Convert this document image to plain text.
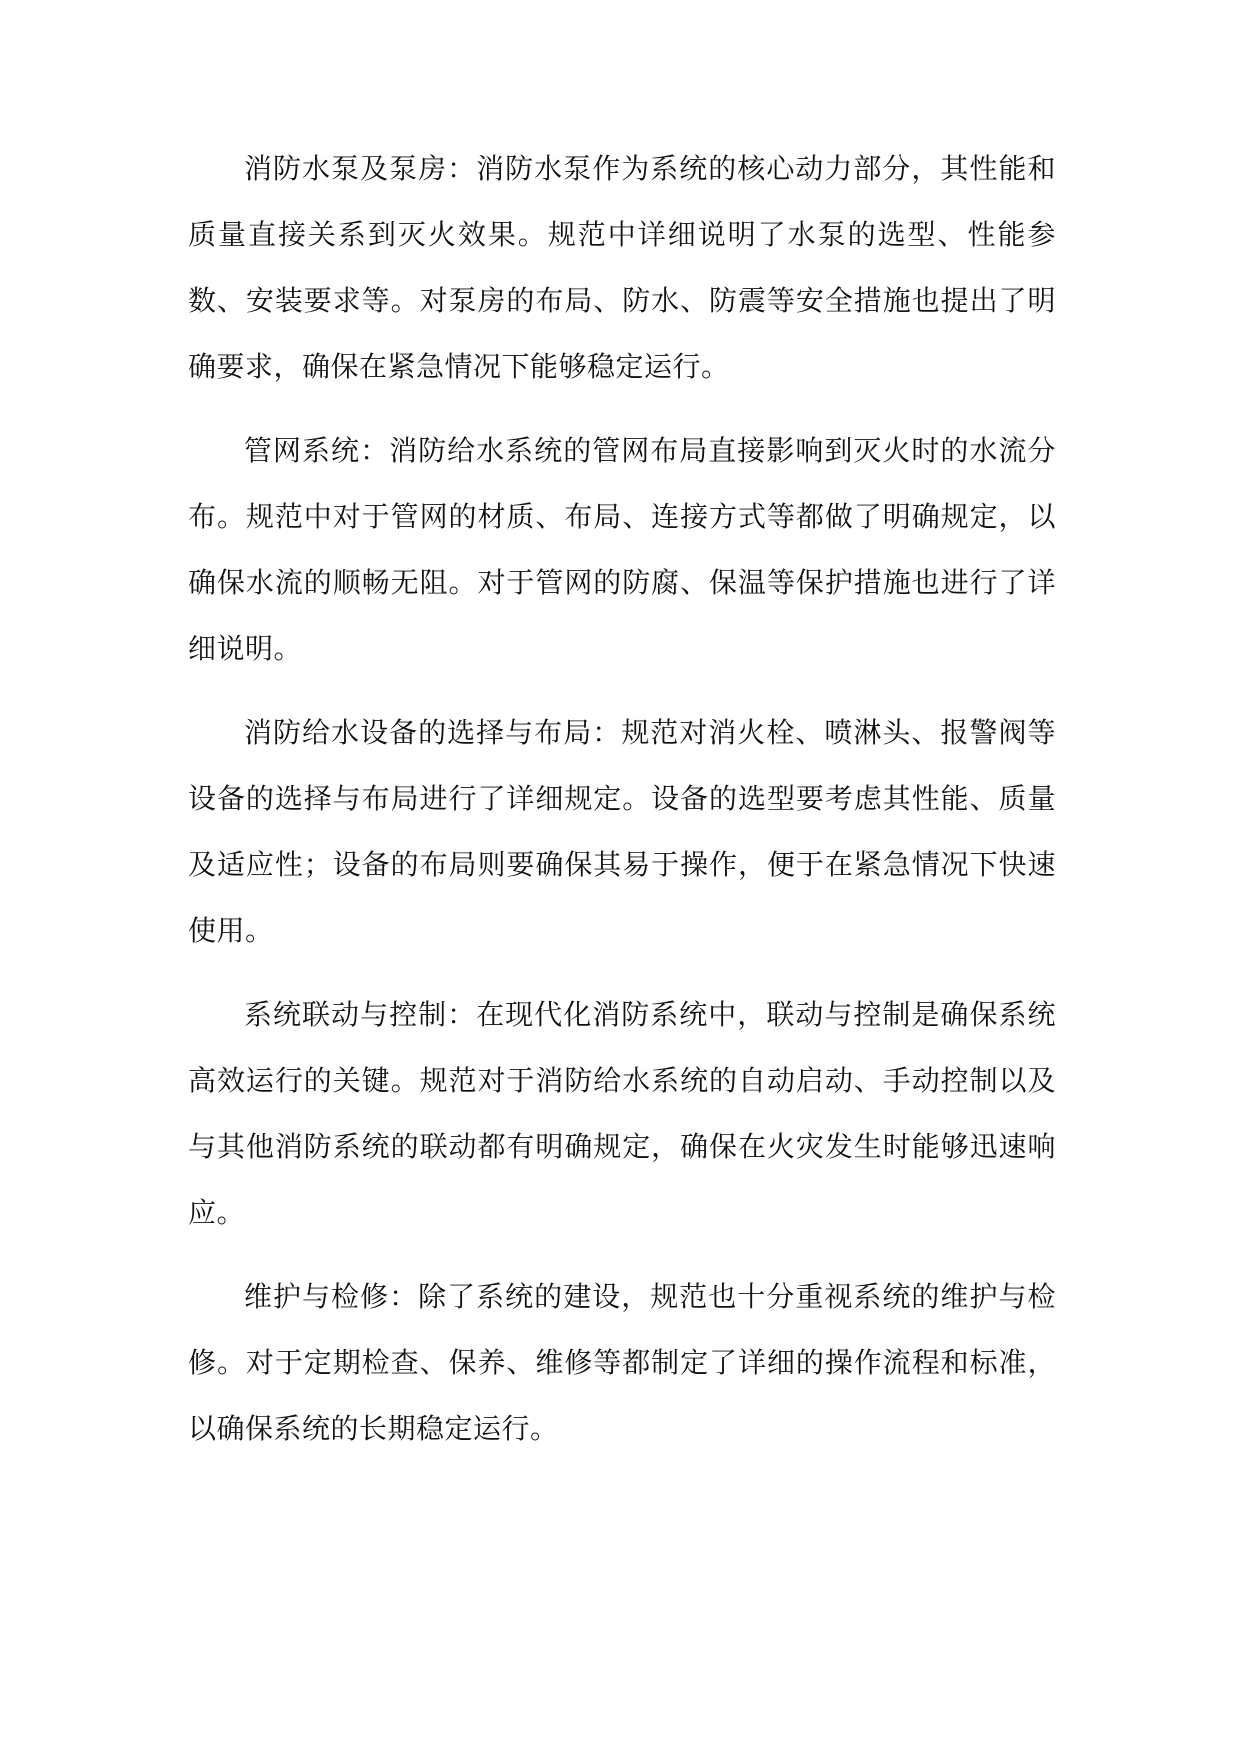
消防水泵及泵房：消防水泵作为系统的核心动力部分，其性能和质量直接关系到灭火效果。规范中详细说明了水泵的选型、性能参数、安装要求等。对泵房的布局、防水、防震等安全措施也提出了明确要求，确保在紧急情况下能够稳定运行。

管网系统：消防给水系统的管网布局直接影响到灭火时的水流分布。规范中对于管网的材质、布局、连接方式等都做了明确规定，以确保水流的顺畅无阻。对于管网的防腐、保温等保护措施也进行了详细说明。

消防给水设备的选择与布局：规范对消火栓、喷淋头、报警阀等设备的选择与布局进行了详细规定。设备的选型要考虑其性能、质量及适应性；设备的布局则要确保其易于操作，便于在紧急情况下快速使用。

系统联动与控制：在现代化消防系统中，联动与控制是确保系统高效运行的关键。规范对于消防给水系统的自动启动、手动控制以及与其他消防系统的联动都有明确规定，确保在火灾发生时能够迅速响应。

维护与检修：除了系统的建设，规范也十分重视系统的维护与检修。对于定期检查、保养、维修等都制定了详细的操作流程和标准，以确保系统的长期稳定运行。
